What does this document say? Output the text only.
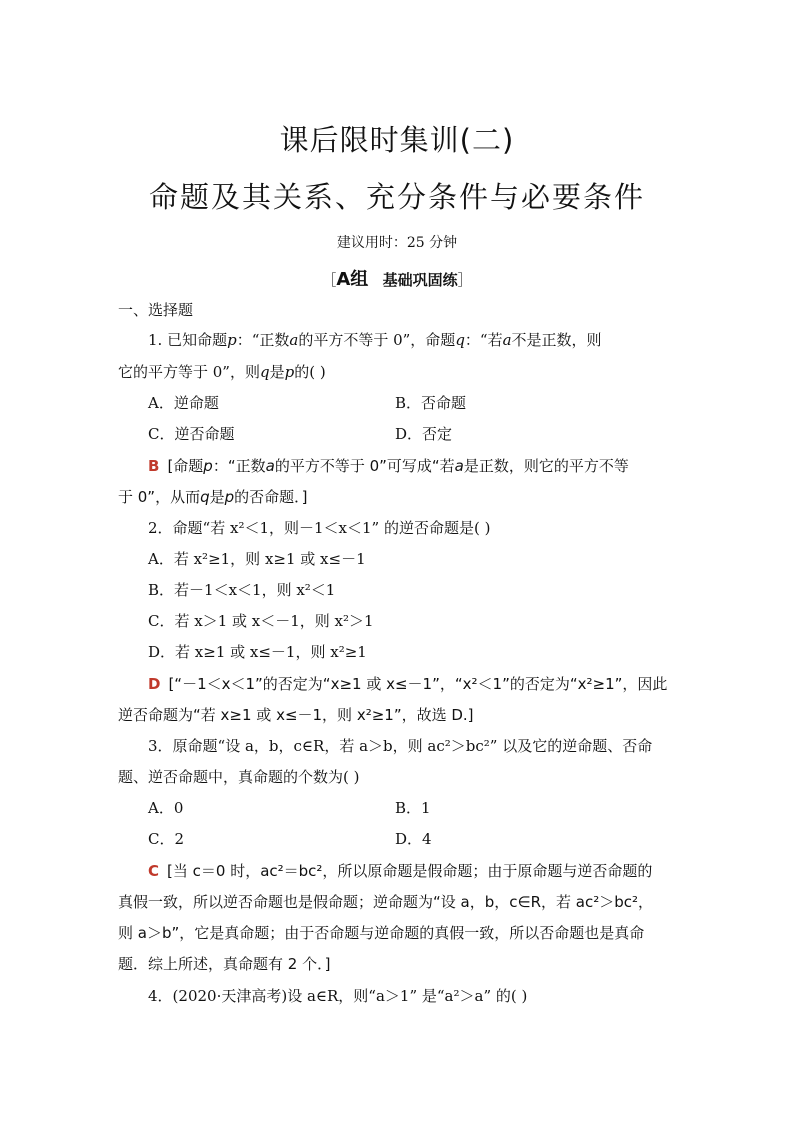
课后限时集训(二)
命题及其关系、充分条件与必要条件
建议用时：25 分钟
［A组 基础巩固练］
一、选择题
1. 已知命题p：“正数a的平方不等于 0”，命题q：“若a不是正数，则
它的平方等于 0”，则q是p的( )
A．逆命题	B．否命题
C．逆否命题	D．否定
B [命题p：“正数a的平方不等于 0”可写成“若a是正数，则它的平方不等
于 0”，从而q是p的否命题．]
2．命题“若 x²＜1，则－1＜x＜1” 的逆否命题是( )
A．若 x²≥1，则 x≥1 或 x≤－1
B．若－1＜x＜1，则 x²＜1
C．若 x＞1 或 x＜－1，则 x²＞1
D．若 x≥1 或 x≤－1，则 x²≥1
D [“－1＜x＜1”的否定为“x≥1 或 x≤－1”，“x²＜1”的否定为“x²≥1”，因此
逆否命题为“若 x≥1 或 x≤－1，则 x²≥1”，故选 D.]
3．原命题“设 a，b，c∈R，若 a＞b，则 ac²＞bc²” 以及它的逆命题、否命
题、逆否命题中，真命题的个数为( )
A．0	B．1
C．2	D．4
C [当 c＝0 时，ac²＝bc²，所以原命题是假命题；由于原命题与逆否命题的
真假一致，所以逆否命题也是假命题；逆命题为“设 a，b，c∈R，若 ac²＞bc²，
则 a＞b”，它是真命题；由于否命题与逆命题的真假一致，所以否命题也是真命
题．综上所述，真命题有 2 个．]
4．(2020·天津高考)设 a∈R，则“a＞1” 是“a²＞a” 的( )
